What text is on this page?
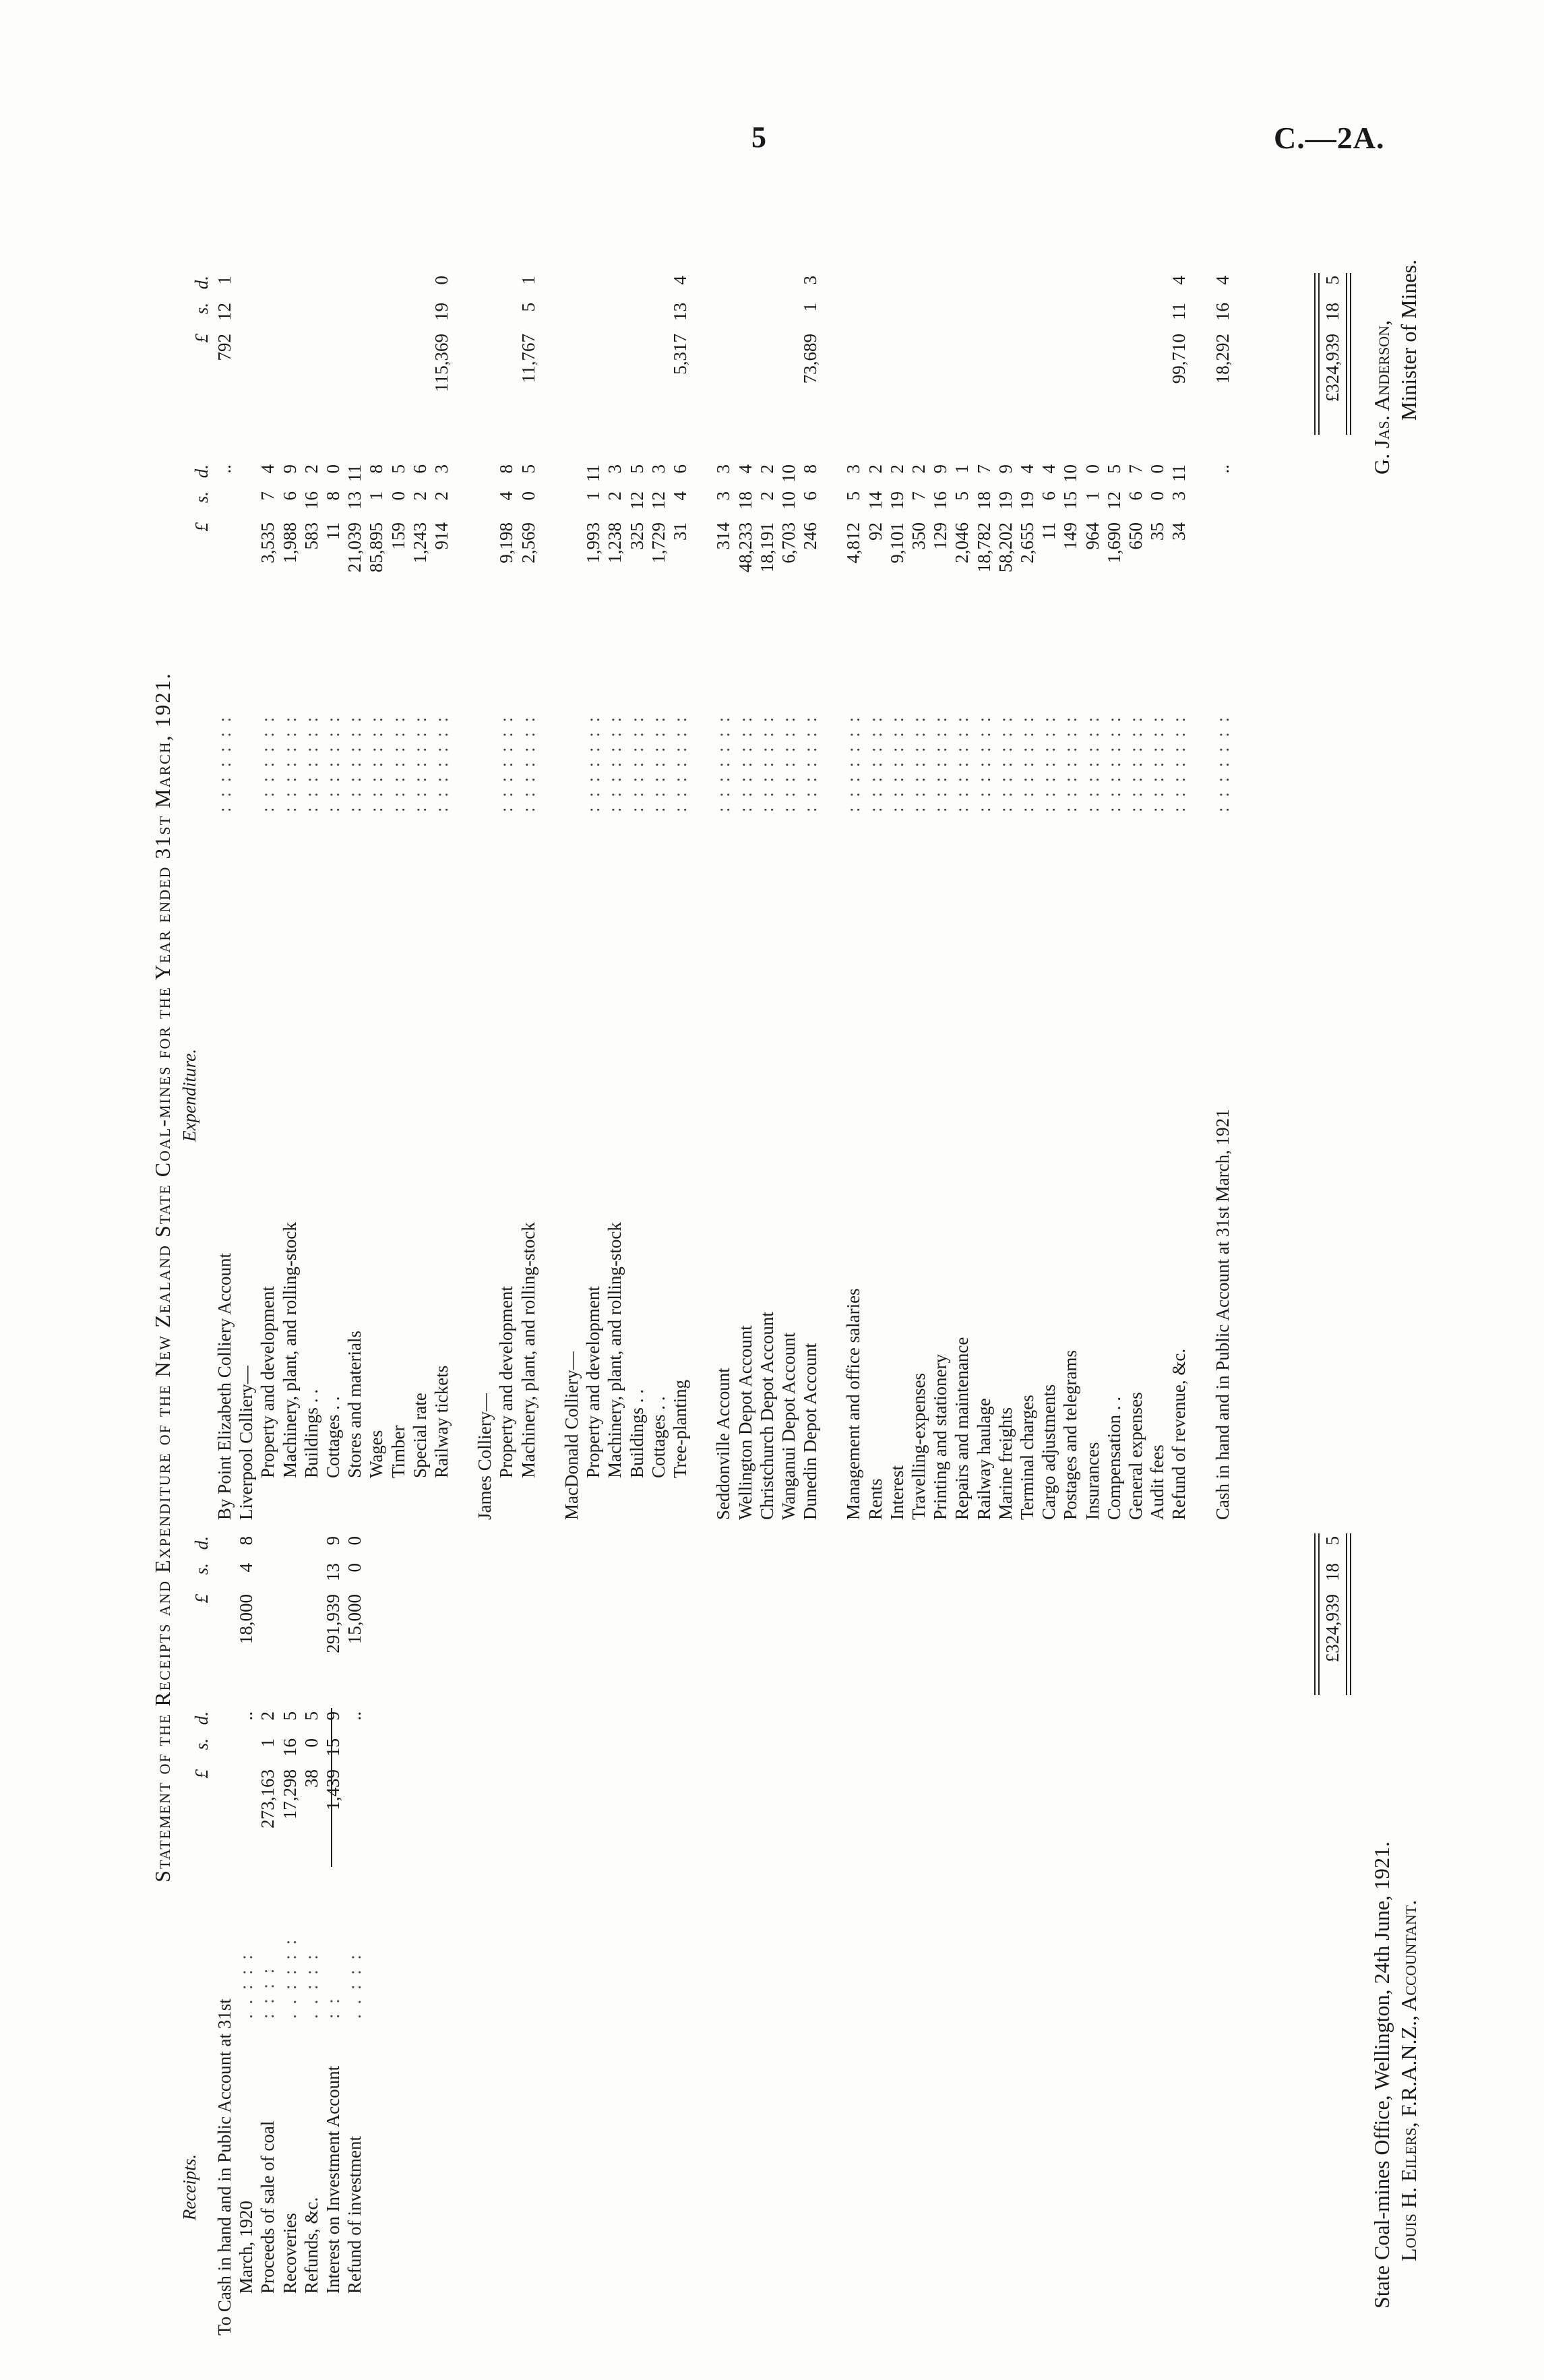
5	C.—2A.
Statement of the Receipts and Expenditure of the New Zealand State Coal-mines for the Year ended 31st March, 1921.
Receipts.
£s.d.
£s.d.
To Cash in hand and in Public Account at 31st March, 1920
. . : : :
..
18,00048
Proceeds of sale of coal
: : : :
273,16312
Recoveries
. . : : : :
17,298165
Refunds, &c.
. . : : :
3805
Interest on Investment Account
: :
1,439159
291,939139
Refund of investment
. . : : :
..
15,00000
£324,939185
Expenditure.
£s.d.
£s.d.
By Point Elizabeth Colliery Account
: : : : : : :
..
792121
Liverpool Colliery— Property and development
: : : : : : :
3,53574
Machinery, plant, and rolling-stock
: : : : : : :
1,98869
Buildings . .
: : : : : : :
583162
Cottages . .
: : : : : : :
1180
Stores and materials
: : : : : : :
21,0391311
Wages
: : : : : : :
85,89518
Timber
: : : : : : :
15905
Special rate
: : : : : : :
1,24326
Railway tickets
: : : : : : :
91423
115,369190
James Colliery— Property and development
: : : : : : :
9,19848
Machinery, plant, and rolling-stock
: : : : : : :
2,56905
11,76751
MacDonald Colliery— Property and development
: : : : : : :
1,993111
Machinery, plant, and rolling-stock
: : : : : : :
1,23823
Buildings . .
: : : : : : :
325125
Cottages . .
: : : : : : :
1,729123
Tree-planting
: : : : : : :
3146
5,317134
Seddonville Account
: : : : : : :
31433
Wellington Depot Account
: : : : : : :
48,233184
Christchurch Depot Account
: : : : : : :
18,19122
Wanganui Depot Account
: : : : : : :
6,7031010
Dunedin Depot Account
: : : : : : :
24668
73,68913
Management and office salaries
: : : : : : :
4,81253
Rents
: : : : : : :
92142
Interest
: : : : : : :
9,101192
Travelling-expenses
: : : : : : :
35072
Printing and stationery
: : : : : : :
129169
Repairs and maintenance
: : : : : : :
2,04651
Railway haulage
: : : : : : :
18,782187
Marine freights
: : : : : : :
58,202199
Terminal charges
: : : : : : :
2,655194
Cargo adjustments
: : : : : : :
1164
Postages and telegrams
: : : : : : :
1491510
Insurances
: : : : : : :
96410
Compensation . .
: : : : : : :
1,690125
General expenses
: : : : : : :
65067
Audit fees
: : : : : : :
3500
Refund of revenue, &c.
: : : : : : :
34311
99,710114
Cash in hand and in Public Account at 31st March, 1921
: : : : : : :
..
18,292164
£324,939185
State Coal-mines Office, Wellington, 24th June, 1921. Louis H. Eilers, F.R.A.N.Z., Accountant.
G. Jas. Anderson, Minister of Mines.
